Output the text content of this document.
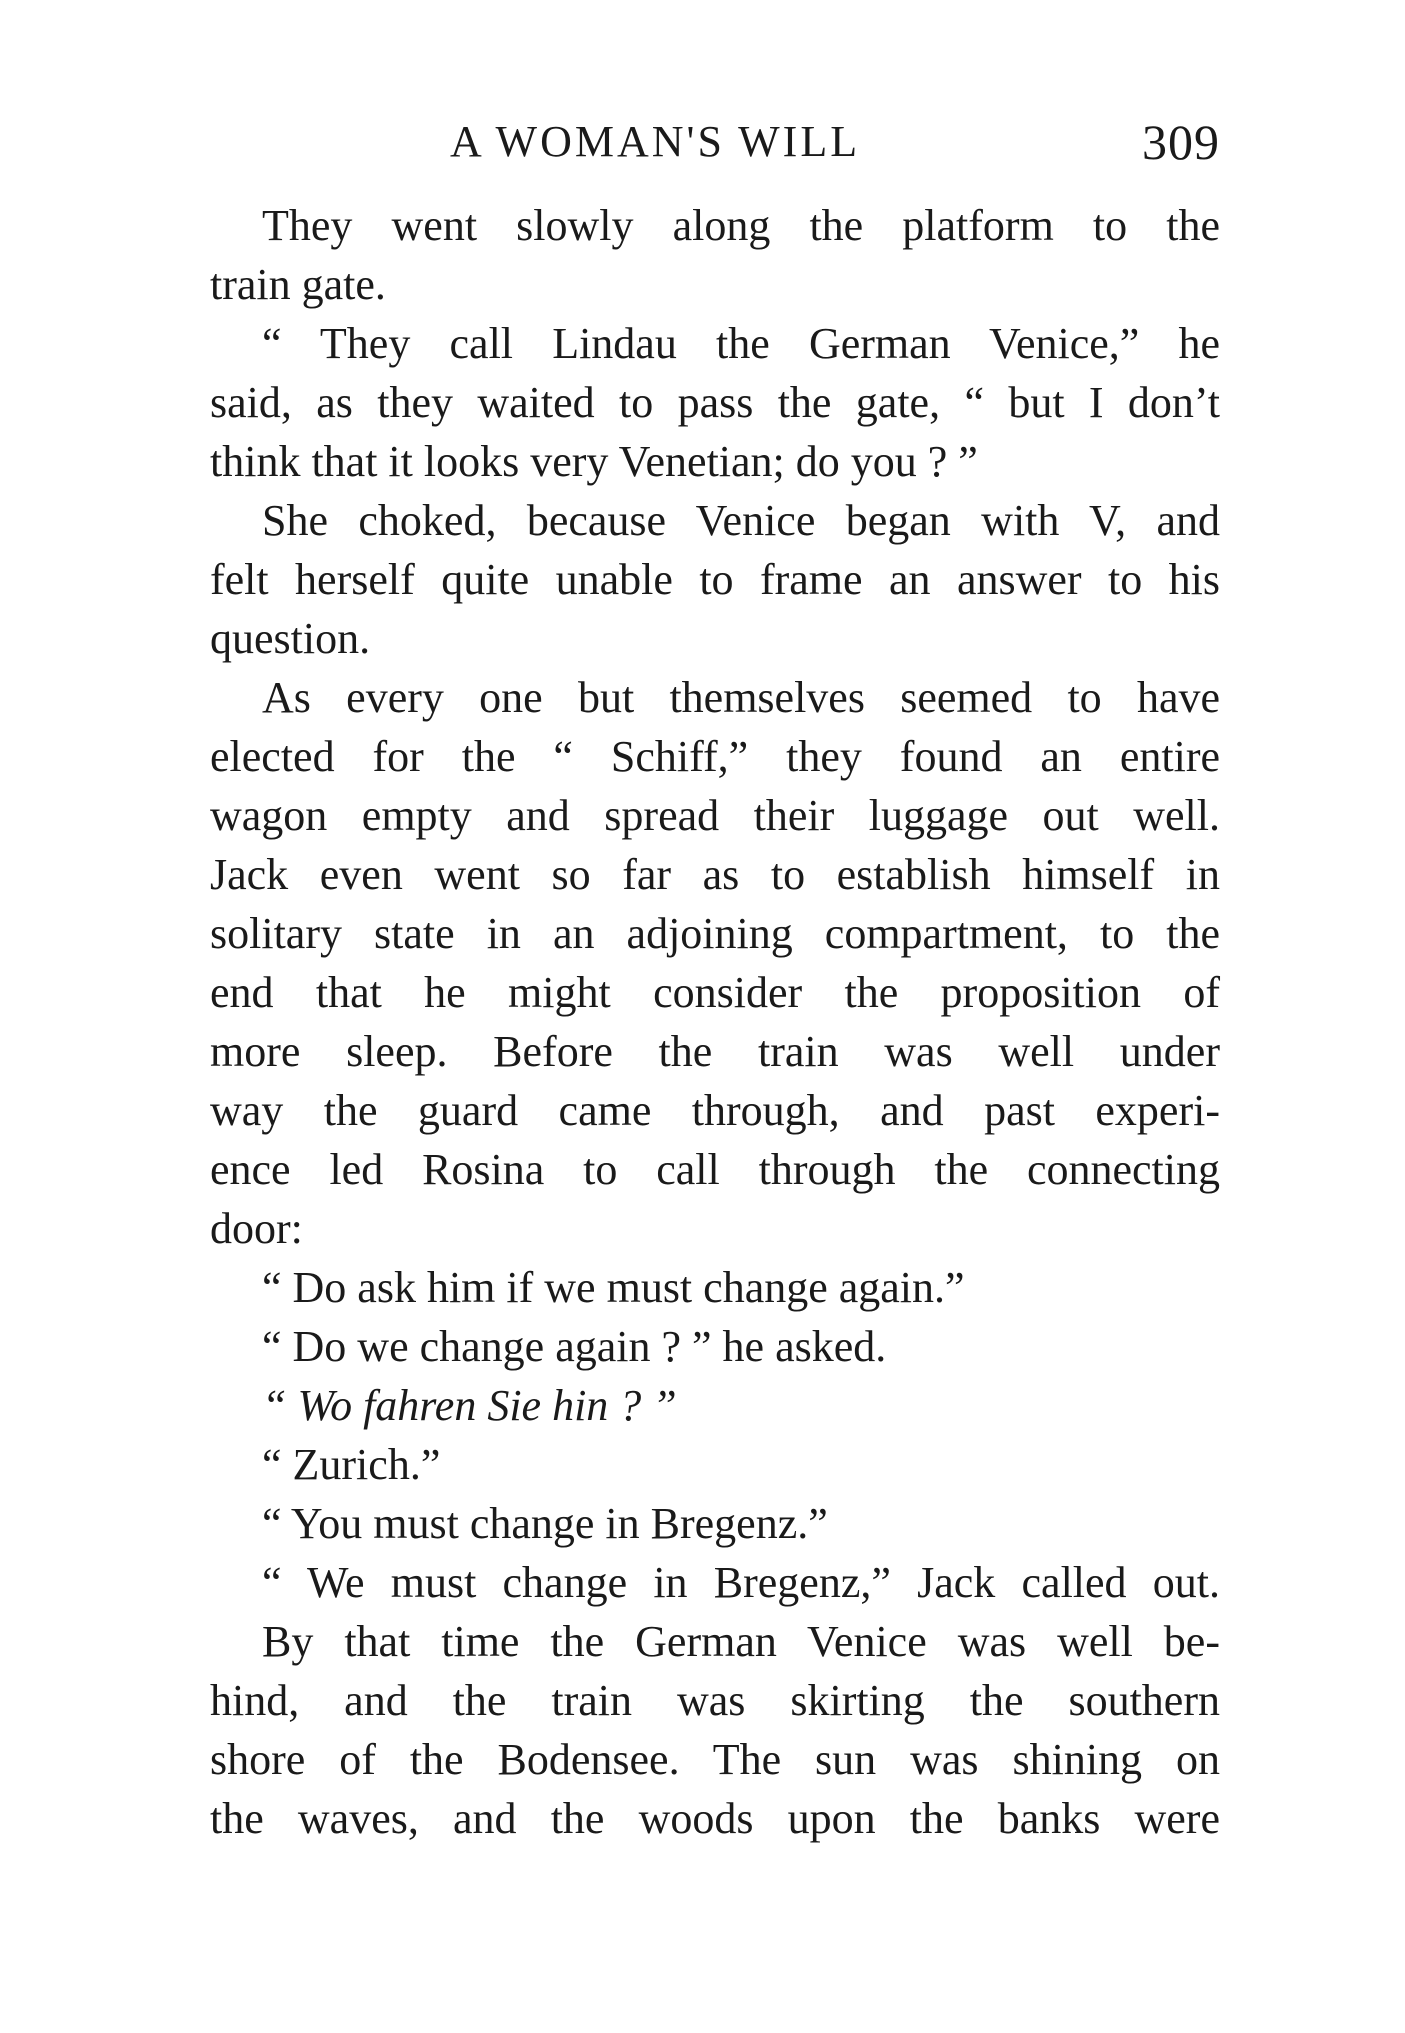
A WOMAN'S WILL	309
They went slowly along the platform to the
train gate.
“ They call Lindau the German Venice,” he
said, as they waited to pass the gate, “ but I don’t
think that it looks very Venetian; do you ? ”
She choked, because Venice began with V, and
felt herself quite unable to frame an answer to his
question.
As every one but themselves seemed to have
elected for the “ Schiff,” they found an entire
wagon empty and spread their luggage out well.
Jack even went so far as to establish himself in
solitary state in an adjoining compartment, to the
end that he might consider the proposition of
more sleep. Before the train was well under
way the guard came through, and past experi-
ence led Rosina to call through the connecting
door:
“ Do ask him if we must change again.”
“ Do we change again ? ” he asked.
“ Wo fahren Sie hin ? ”
“ Zurich.”
“ You must change in Bregenz.”
“ We must change in Bregenz,” Jack called out.
By that time the German Venice was well be-
hind, and the train was skirting the southern
shore of the Bodensee. The sun was shining on
the waves, and the woods upon the banks were
